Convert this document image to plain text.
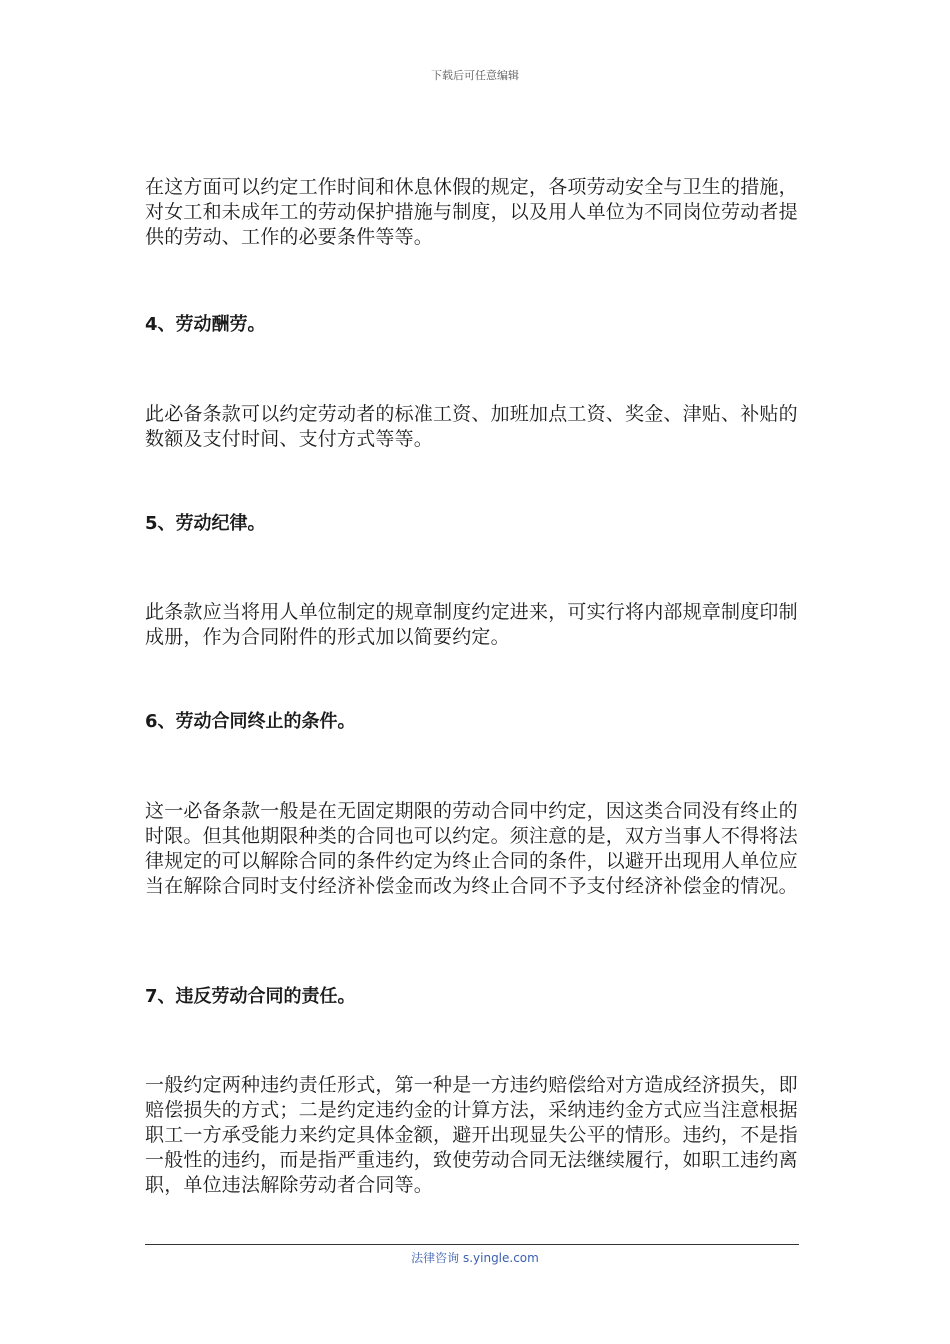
下载后可任意编辑

在这方面可以约定工作时间和休息休假的规定，各项劳动安全与卫生的措施，对女工和未成年工的劳动保护措施与制度，以及用人单位为不同岗位劳动者提供的劳动、工作的必要条件等等。

4、劳动酬劳。

此必备条款可以约定劳动者的标准工资、加班加点工资、奖金、津贴、补贴的数额及支付时间、支付方式等等。

5、劳动纪律。

此条款应当将用人单位制定的规章制度约定进来，可实行将内部规章制度印制成册，作为合同附件的形式加以简要约定。

6、劳动合同终止的条件。

这一必备条款一般是在无固定期限的劳动合同中约定，因这类合同没有终止的时限。但其他期限种类的合同也可以约定。须注意的是，双方当事人不得将法律规定的可以解除合同的条件约定为终止合同的条件，以避开出现用人单位应当在解除合同时支付经济补偿金而改为终止合同不予支付经济补偿金的情况。

7、违反劳动合同的责任。

一般约定两种违约责任形式，第一种是一方违约赔偿给对方造成经济损失，即赔偿损失的方式；二是约定违约金的计算方法，采纳违约金方式应当注意根据职工一方承受能力来约定具体金额，避开出现显失公平的情形。违约，不是指一般性的违约，而是指严重违约，致使劳动合同无法继续履行，如职工违约离职，单位违法解除劳动者合同等。

法律咨询 s.yingle.com
